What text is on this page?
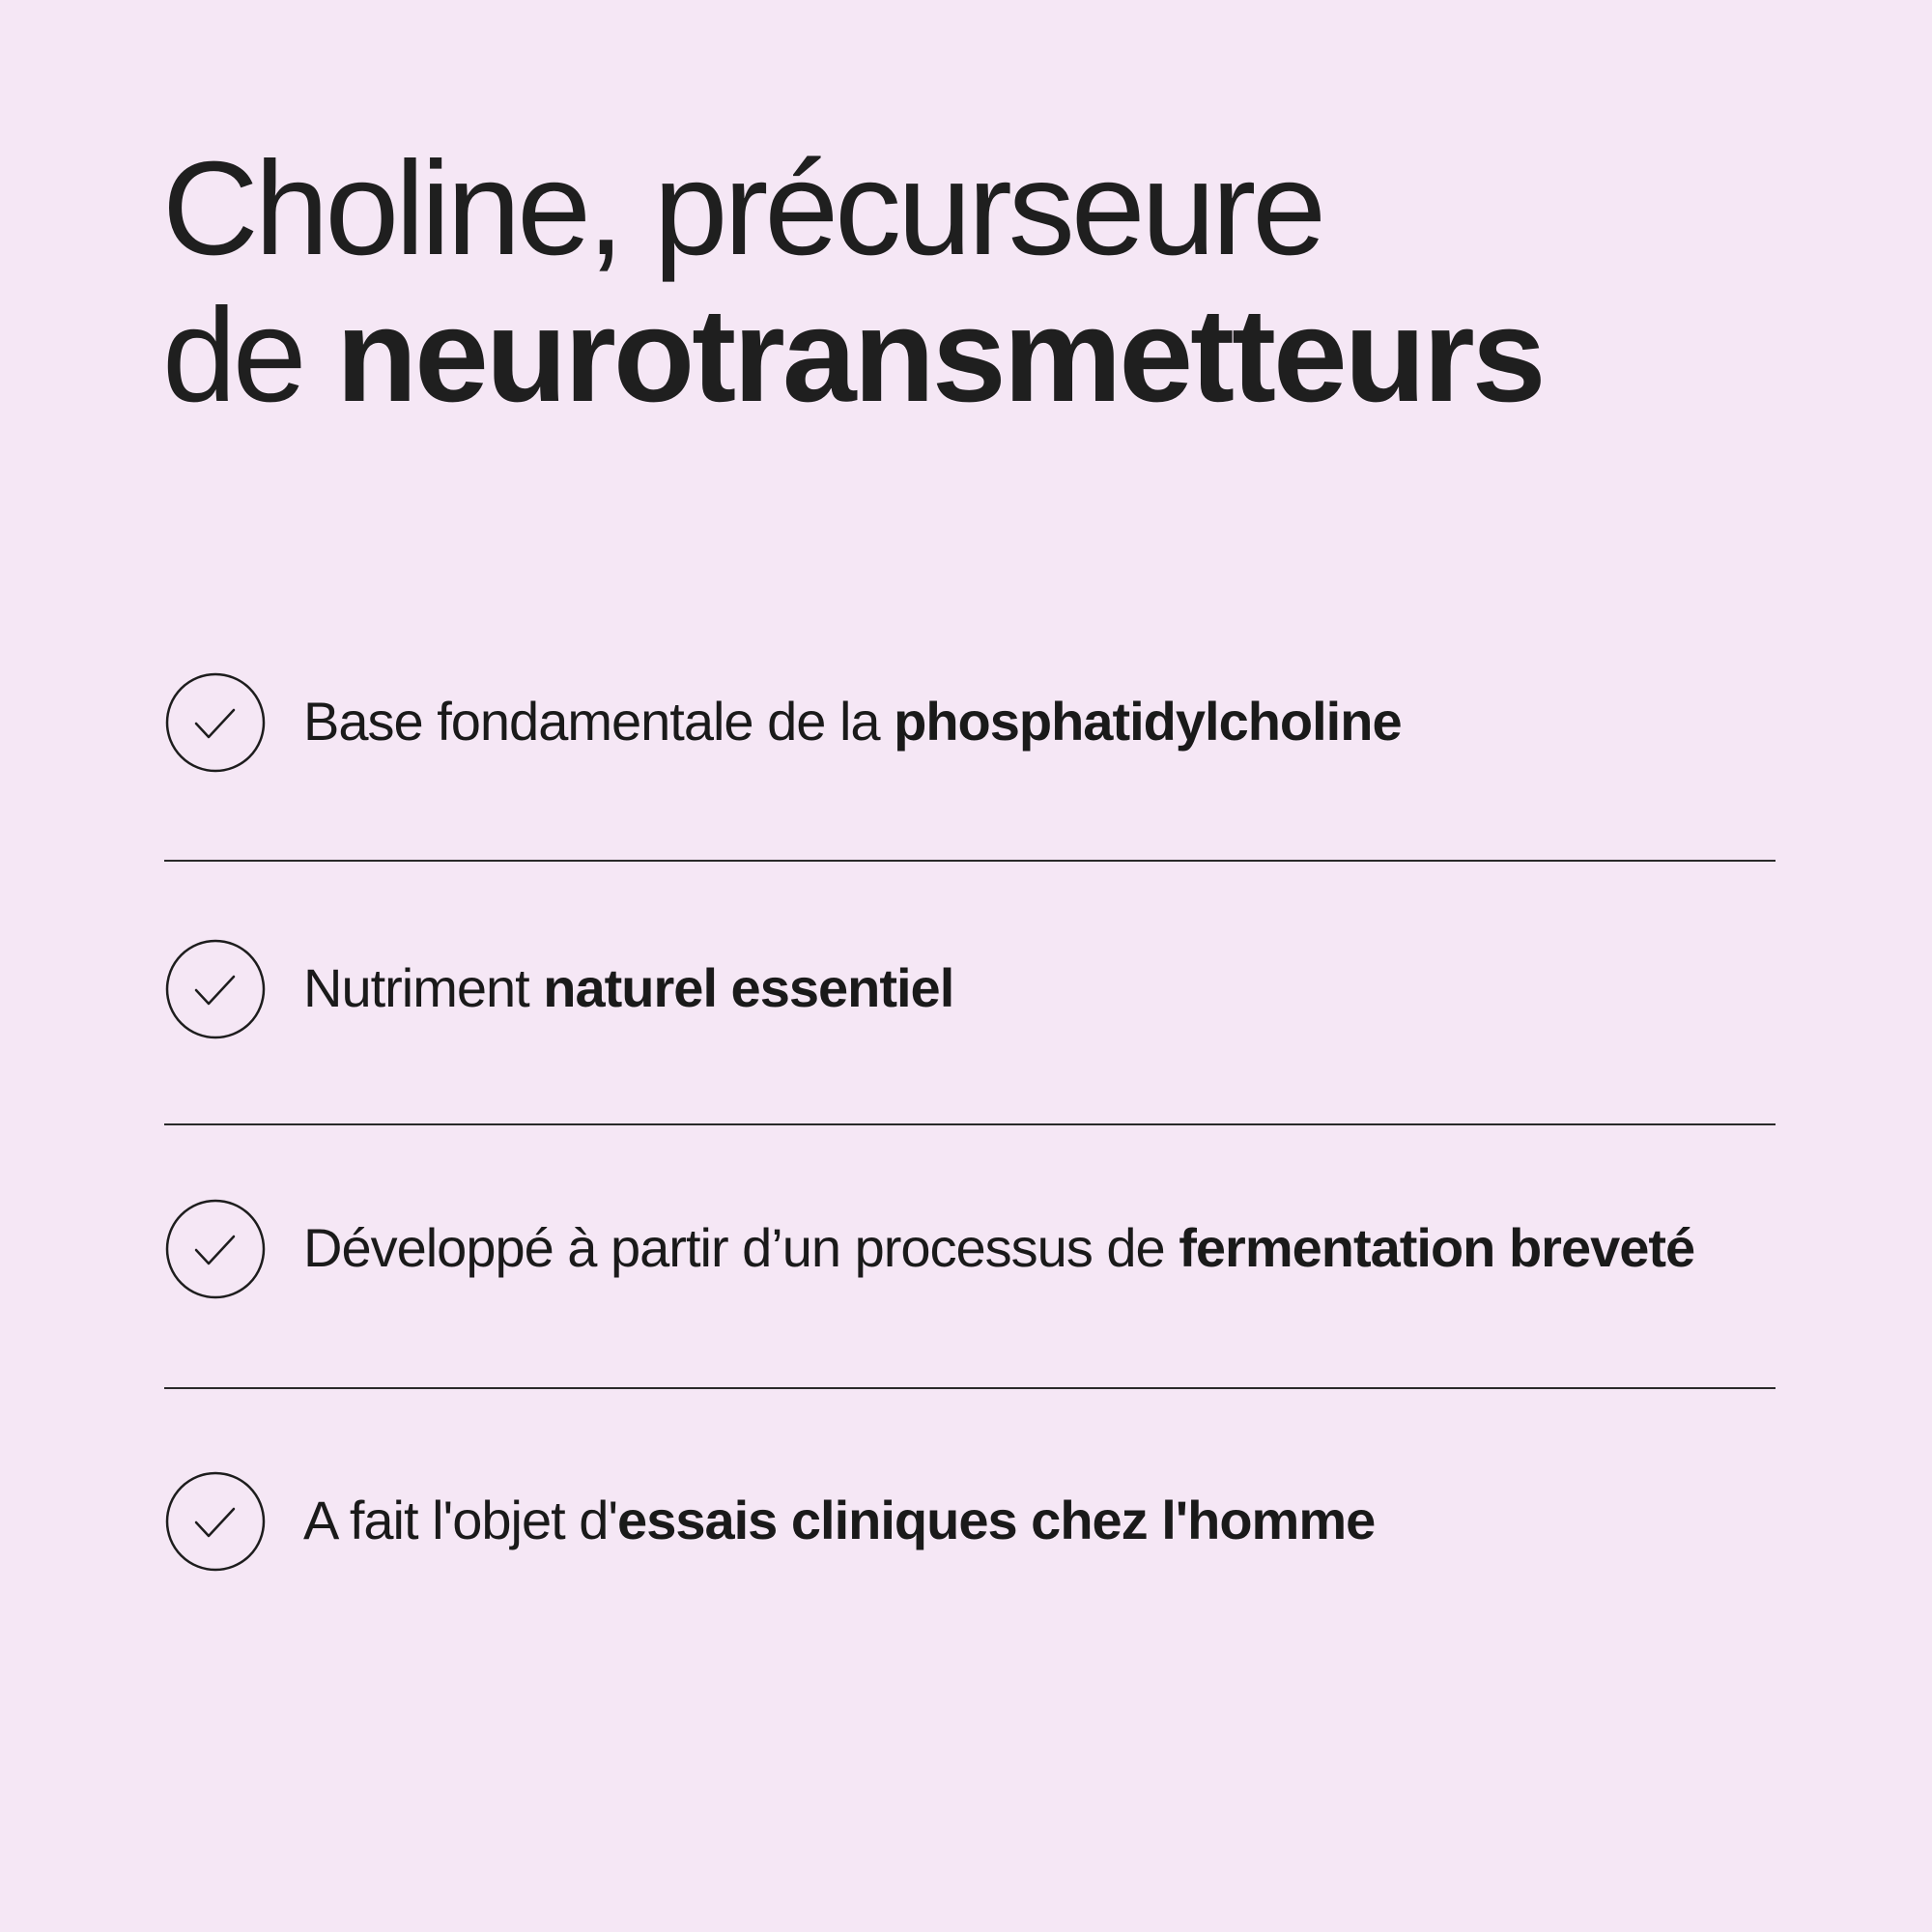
Choline, précurseure
de neurotransmetteurs
Base fondamentale de la phosphatidylcholine
Nutriment naturel essentiel
Développé à partir d’un processus de fermentation breveté
A fait l'objet d'essais cliniques chez l'homme
